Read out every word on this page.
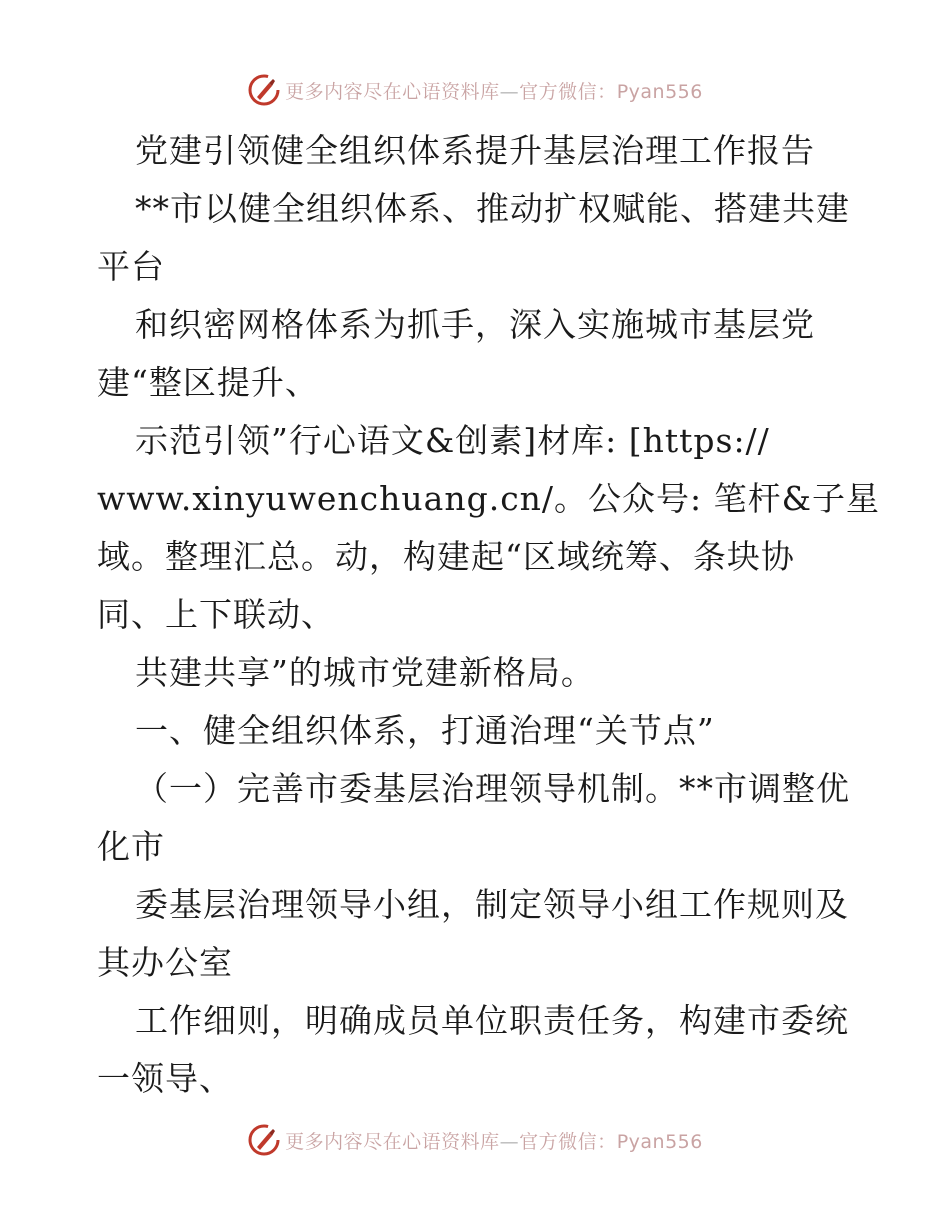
更多内容尽在心语资料库—官方微信：Pyan556
党建引领健全组织体系提升基层治理工作报告
**市以健全组织体系、推动扩权赋能、搭建共建
平台
和织密网格体系为抓手，深入实施城市基层党
建“整区提升、
示范引领”行心语文&创素]材库: [https://
www.xinyuwenchuang.cn/。公众号: 笔杆&子星
域。整理汇总。动，构建起“区域统筹、条块协
同、上下联动、
共建共享”的城市党建新格局。
一、健全组织体系，打通治理“关节点”
（一）完善市委基层治理领导机制。**市调整优
化市
委基层治理领导小组，制定领导小组工作规则及
其办公室
工作细则，明确成员单位职责任务，构建市委统
一领导、
更多内容尽在心语资料库—官方微信：Pyan556
